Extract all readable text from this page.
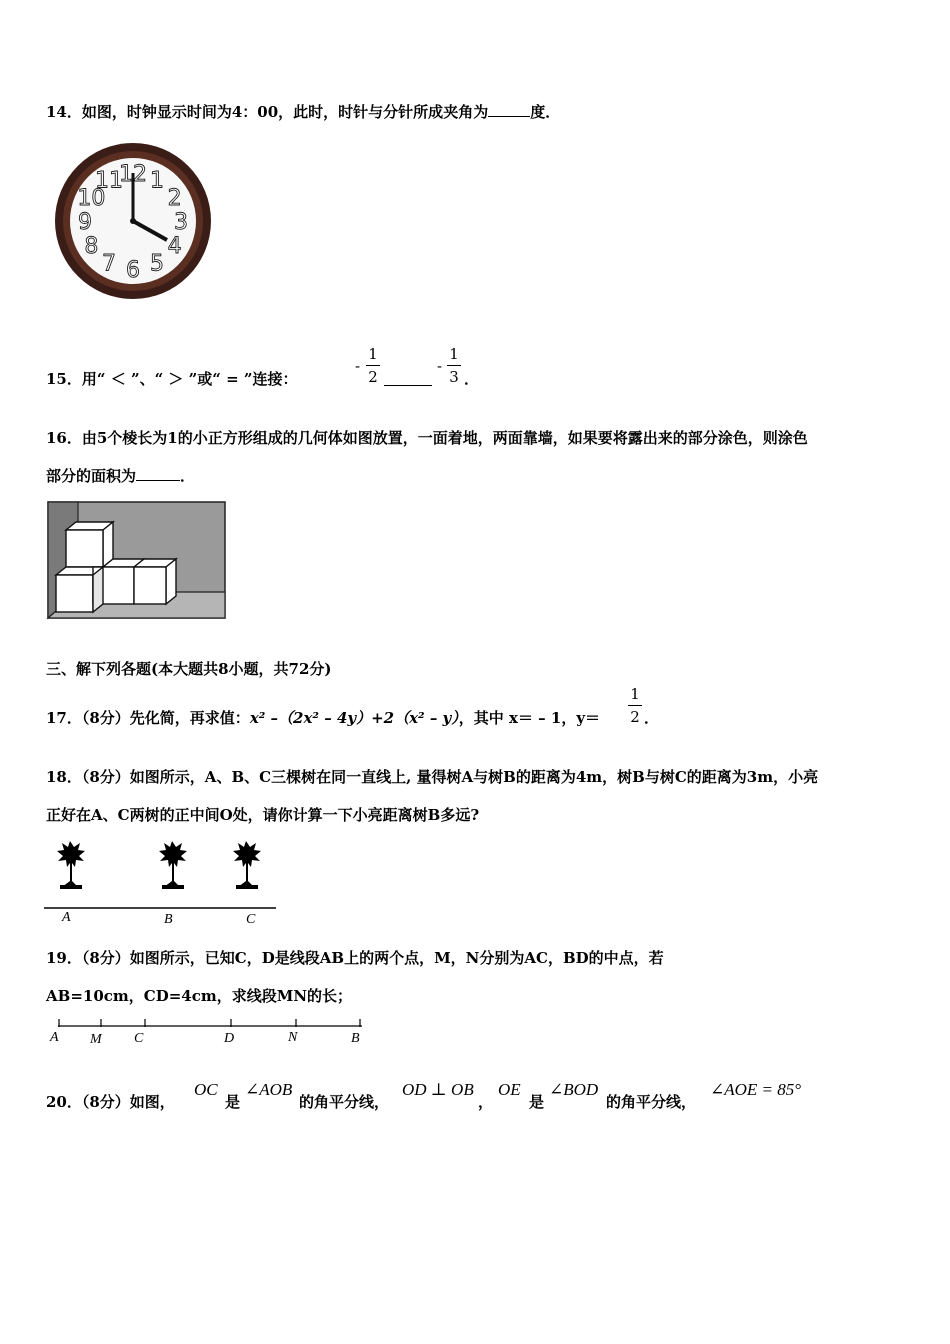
14．如图，时钟显示时间为4：00，此时，时针与分针所成夹角为	度．
12 1
2
3
4
5
6
7
8
9
10
11
15．用“ ＜ ”、“ ＞ ”或“ = ”连接：
-
1
2
-
1
3 ．
16．由5个棱长为1的小正方形组成的几何体如图放置，一面着地，两面靠墙，如果要将露出来的部分涂色，则涂色
部分的面积为	．
三、解下列各题(本大题共8小题，共72分)
17．（8分）先化简，再求值：x² –（2x² – 4y）+2（x² – y），其中 x＝ – 1，y＝
1
2 ．
18．（8分）如图所示，A、B、C三棵树在同一直线上, 量得树A与树B的距离为4m，树B与树C的距离为3m，小亮
正好在A、C两树的正中间O处，请你计算一下小亮距离树B多远?
A	B	C
19．（8分）如图所示，已知C，D是线段AB上的两个点，M，N分别为AC，BD的中点，若
AB=10cm，CD=4cm，求线段MN的长；
A M C	D	N	B
20．（8分）如图，
OC
是
∠AOB
的角平分线，
OD ⊥ OB
，
OE
是
∠BOD
的角平分线，
∠AOE = 85°
